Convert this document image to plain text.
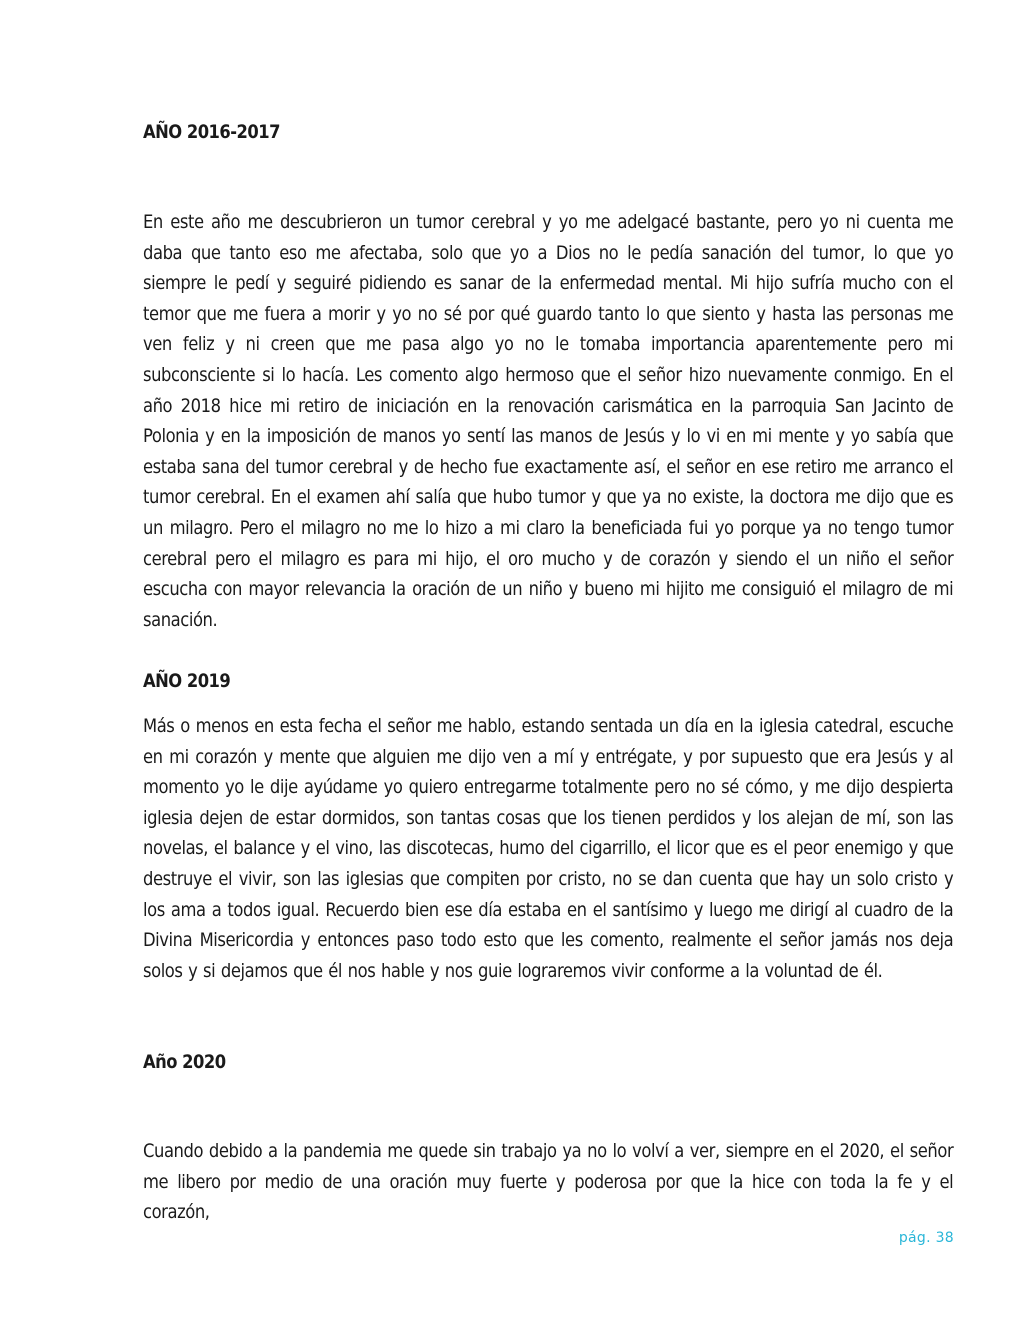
AÑO 2016-2017

En este año me descubrieron un tumor cerebral y yo me adelgacé bastante, pero yo ni cuenta me daba que tanto eso me afectaba, solo que yo a Dios no le pedía sanación del tumor, lo que yo siempre le pedí y seguiré pidiendo es sanar de la enfermedad mental. Mi hijo sufría mucho con el temor que me fuera a morir y yo no sé por qué guardo tanto lo que siento y hasta las personas me ven feliz y ni creen que me pasa algo yo no le tomaba importancia aparentemente pero mi subconsciente si lo hacía. Les comento algo hermoso que el señor hizo nuevamente conmigo. En el año 2018 hice mi retiro de iniciación en la renovación carismática en la parroquia San Jacinto de Polonia y en la imposición de manos yo sentí las manos de Jesús y lo vi en mi mente y yo sabía que estaba sana del tumor cerebral y de hecho fue exactamente así, el señor en ese retiro me arranco el tumor cerebral. En el examen ahí salía que hubo tumor y que ya no existe, la doctora me dijo que es un milagro. Pero el milagro no me lo hizo a mi claro la beneficiada fui yo porque ya no tengo tumor cerebral pero el milagro es para mi hijo, el oro mucho y de corazón y siendo el un niño el señor escucha con mayor relevancia la oración de un niño y bueno mi hijito me consiguió el milagro de mi sanación.

AÑO 2019

Más o menos en esta fecha el señor me hablo, estando sentada un día en la iglesia catedral, escuche en mi corazón y mente que alguien me dijo ven a mí y entrégate, y por supuesto que era Jesús y al momento yo le dije ayúdame yo quiero entregarme totalmente pero no sé cómo, y me dijo despierta iglesia dejen de estar dormidos, son tantas cosas que los tienen perdidos y los alejan de mí, son las novelas, el balance y el vino, las discotecas, humo del cigarrillo, el licor que es el peor enemigo y que destruye el vivir, son las iglesias que compiten por cristo, no se dan cuenta que hay un solo cristo y los ama a todos igual. Recuerdo bien ese día estaba en el santísimo y luego me dirigí al cuadro de la Divina Misericordia y entonces paso todo esto que les comento, realmente el señor jamás nos deja solos y si dejamos que él nos hable y nos guie lograremos vivir conforme a la voluntad de él.

Año 2020

Cuando debido a la pandemia me quede sin trabajo ya no lo volví a ver, siempre en el 2020, el señor me libero por medio de una oración muy fuerte y poderosa por que la hice con toda la fe y el corazón,

pág. 38
